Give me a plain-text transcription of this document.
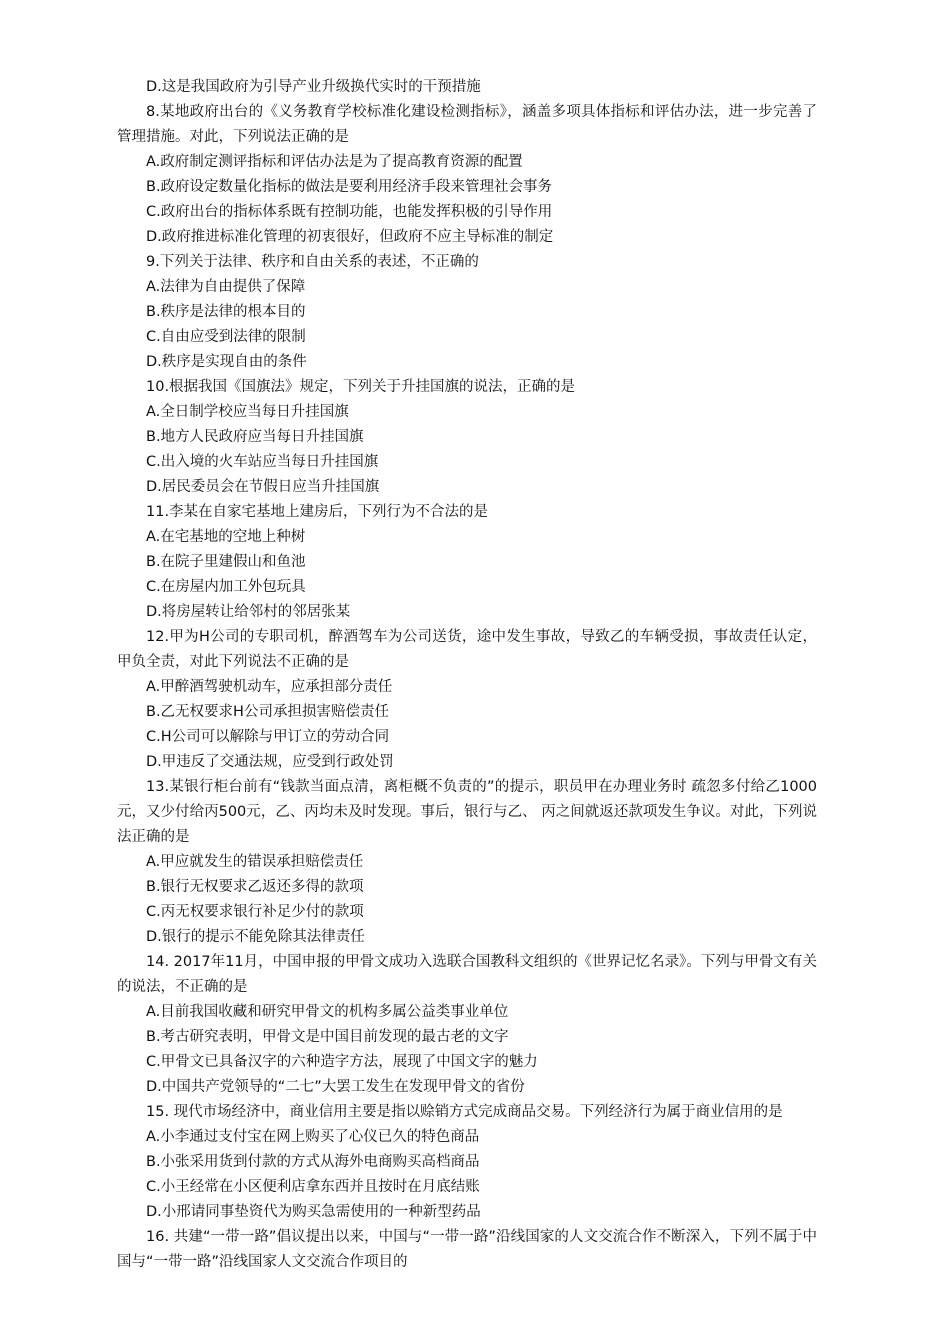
D.这是我国政府为引导产业升级换代实时的干预措施
8.某地政府出台的《义务教育学校标准化建设检测指标》，涵盖多项具体指标和评估办法，进一步完善了管理措施。对此，下列说法正确的是
A.政府制定测评指标和评估办法是为了提高教育资源的配置
B.政府设定数量化指标的做法是要利用经济手段来管理社会事务
C.政府出台的指标体系既有控制功能，也能发挥积极的引导作用
D.政府推进标准化管理的初衷很好，但政府不应主导标准的制定
9.下列关于法律、秩序和自由关系的表述，不正确的
A.法律为自由提供了保障
B.秩序是法律的根本目的
C.自由应受到法律的限制
D.秩序是实现自由的条件
10.根据我国《国旗法》规定，下列关于升挂国旗的说法，正确的是
A.全日制学校应当每日升挂国旗
B.地方人民政府应当每日升挂国旗
C.出入境的火车站应当每日升挂国旗
D.居民委员会在节假日应当升挂国旗
11.李某在自家宅基地上建房后，下列行为不合法的是
A.在宅基地的空地上种树
B.在院子里建假山和鱼池
C.在房屋内加工外包玩具
D.将房屋转让给邻村的邻居张某
12.甲为H公司的专职司机，醉酒驾车为公司送货，途中发生事故，导致乙的车辆受损，事故责任认定，甲负全责，对此下列说法不正确的是
A.甲醉酒驾驶机动车，应承担部分责任
B.乙无权要求H公司承担损害赔偿责任
C.H公司可以解除与甲订立的劳动合同
D.甲违反了交通法规，应受到行政处罚
13.某银行柜台前有“钱款当面点清，离柜概不负责的”的提示，职员甲在办理业务时 疏忽多付给乙1000元，又少付给丙500元，乙、丙均未及时发现。事后，银行与乙、 丙之间就返还款项发生争议。对此，下列说法正确的是
A.甲应就发生的错误承担赔偿责任
B.银行无权要求乙返还多得的款项
C.丙无权要求银行补足少付的款项
D.银行的提示不能免除其法律责任
14. 2017年11月，中国申报的甲骨文成功入选联合国教科文组织的《世界记忆名录》。下列与甲骨文有关的说法，不正确的是
A.目前我国收藏和研究甲骨文的机构多属公益类事业单位
B.考古研究表明，甲骨文是中国目前发现的最古老的文字
C.甲骨文已具备汉字的六种造字方法，展现了中国文字的魅力
D.中国共产党领导的“二七”大罢工发生在发现甲骨文的省份
15. 现代市场经济中，商业信用主要是指以赊销方式完成商品交易。下列经济行为属于商业信用的是
A.小李通过支付宝在网上购买了心仪已久的特色商品
B.小张采用货到付款的方式从海外电商购买高档商品
C.小王经常在小区便利店拿东西并且按时在月底结账
D.小邢请同事垫资代为购买急需使用的一种新型药品
16. 共建“一带一路”倡议提出以来，中国与“一带一路”沿线国家的人文交流合作不断深入，下列不属于中国与“一带一路”沿线国家人文交流合作项目的
